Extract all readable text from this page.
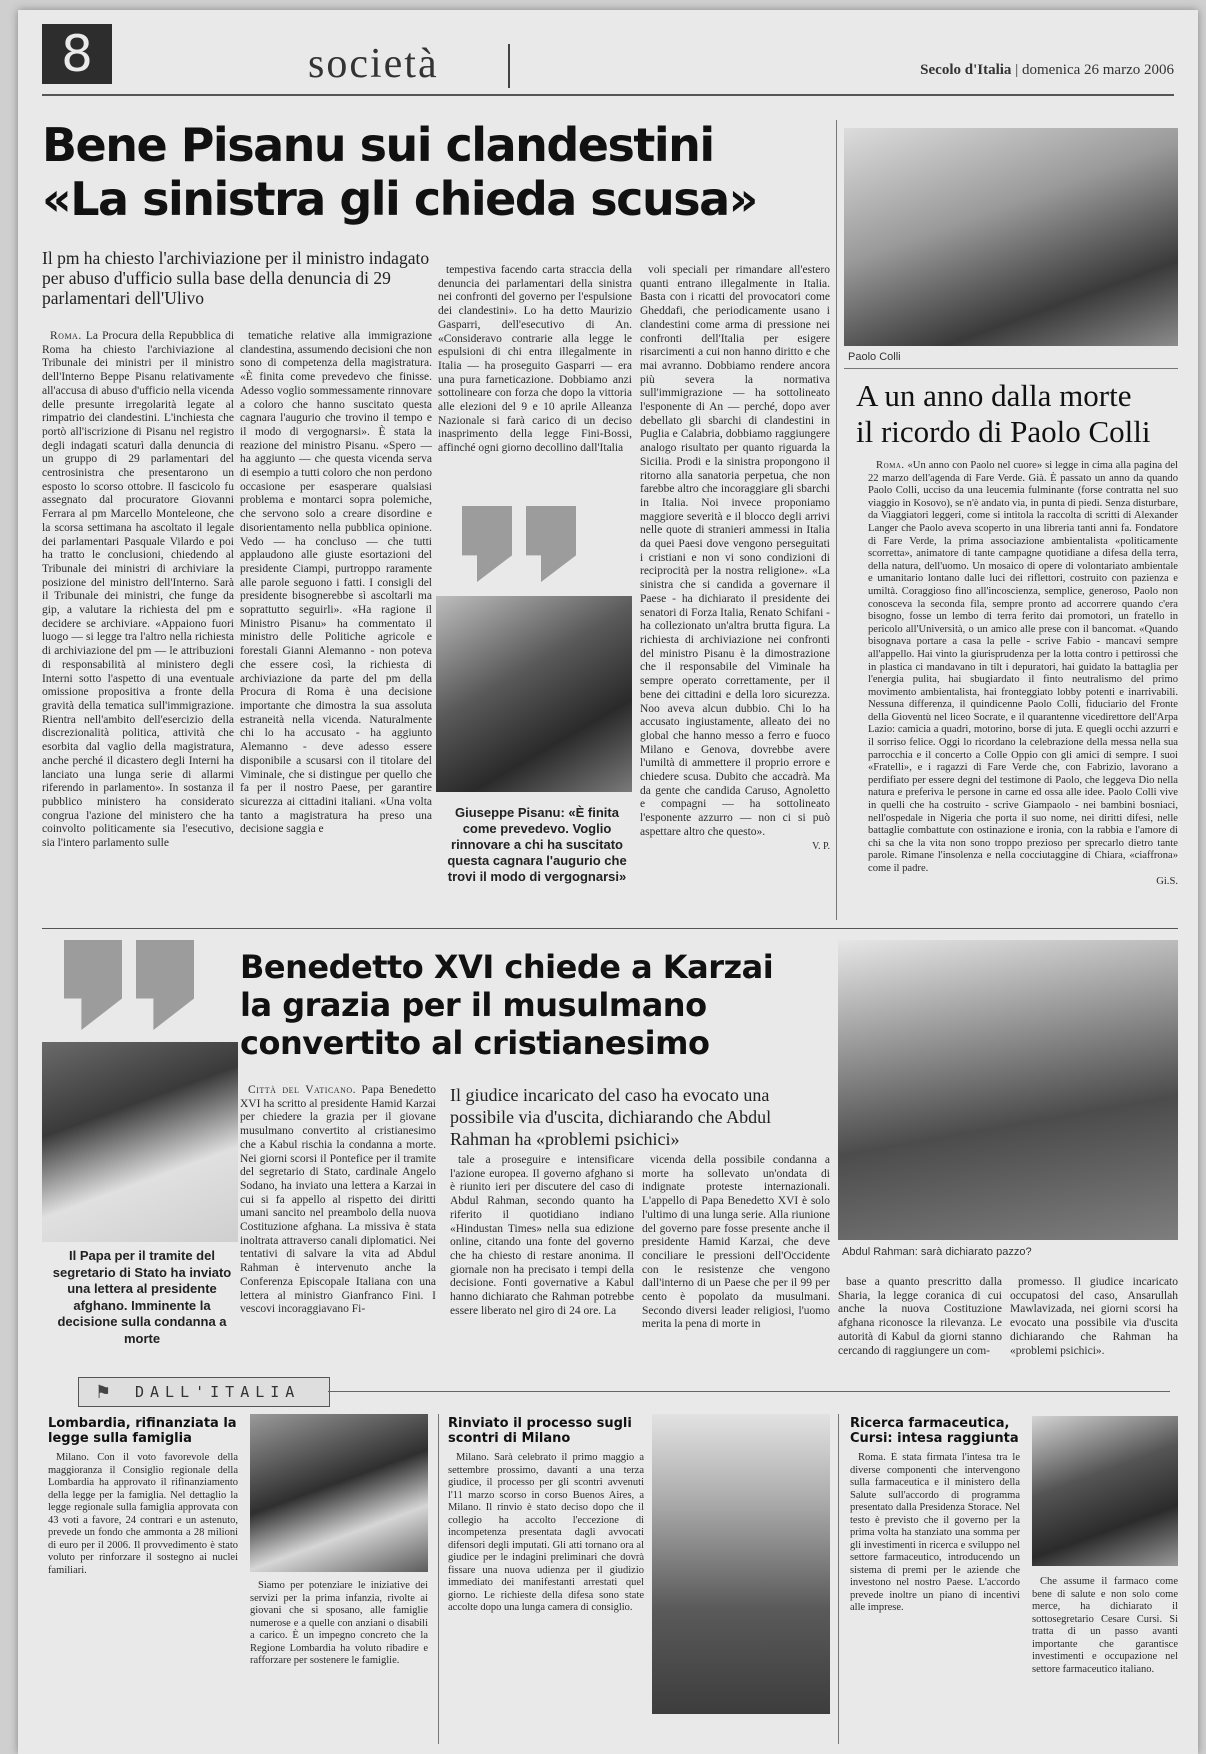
8	società	Secolo d'Italia | domenica 26 marzo 2006
Bene Pisanu sui clandestini
«La sinistra gli chieda scusa»
Il pm ha chiesto l'archiviazione per il ministro indagato per abuso d'ufficio sulla base della denuncia di 29 parlamentari dell'Ulivo

Roma. La Procura della Repubblica di Roma ha chiesto l'archiviazione al Tribunale dei ministri per il ministro dell'Interno Beppe Pisanu relativamente all'accusa di abuso d'ufficio nella vicenda delle presunte irregolarità legate al rimpatrio dei clandestini. L'inchiesta che portò all'iscrizione di Pisanu nel registro degli indagati scaturì dalla denuncia di un gruppo di 29 parlamentari del centrosinistra che presentarono un esposto lo scorso ottobre. Il fascicolo fu assegnato dal procuratore Giovanni Ferrara al pm Marcello Monteleone, che la scorsa settimana ha ascoltato il legale dei parlamentari Pasquale Vilardo e poi ha tratto le conclusioni, chiedendo al Tribunale dei ministri di archiviare la posizione del ministro dell'Interno. Sarà il Tribunale dei ministri, che funge da gip, a valutare la richiesta del pm e decidere se archiviare. «Appaiono fuori luogo — si legge tra l'altro nella richiesta di archiviazione del pm — le attribuzioni di responsabilità al ministero degli Interni sotto l'aspetto di una eventuale omissione propositiva a fronte della gravità della tematica sull'immigrazione. Rientra nell'ambito dell'esercizio della discrezionalità politica, attività che esorbita dal vaglio della magistratura, anche perché il dicastero degli Interni ha lanciato una lunga serie di allarmi riferendo in parlamento». In sostanza il pubblico ministero ha considerato congrua l'azione del ministero che ha coinvolto politicamente sia l'esecutivo, sia l'intero parlamento sulle

tematiche relative alla immigrazione clandestina, assumendo decisioni che non sono di competenza della magistratura. «È finita come prevedevo che finisse. Adesso voglio sommessamente rinnovare a coloro che hanno suscitato questa cagnara l'augurio che trovino il tempo e il modo di vergognarsi». È stata la reazione del ministro Pisanu. «Spero — ha aggiunto — che questa vicenda serva di esempio a tutti coloro che non perdono occasione per esasperare qualsiasi problema e montarci sopra polemiche, che servono solo a creare disordine e disorientamento nella pubblica opinione. Vedo — ha concluso — che tutti applaudono alle giuste esortazioni del presidente Ciampi, purtroppo raramente alle parole seguono i fatti. I consigli del presidente bisognerebbe sì ascoltarli ma soprattutto seguirli». «Ha ragione il Ministro Pisanu» ha commentato il ministro delle Politiche agricole e forestali Gianni Alemanno - non poteva che essere così, la richiesta di archiviazione da parte del pm della Procura di Roma è una decisione importante che dimostra la sua assoluta estraneità nella vicenda. Naturalmente chi lo ha accusato - ha aggiunto Alemanno - deve adesso essere disponibile a scusarsi con il titolare del Viminale, che si distingue per quello che fa per il nostro Paese, per garantire sicurezza ai cittadini italiani. «Una volta tanto a magistratura ha preso una decisione saggia e

tempestiva facendo carta straccia della denuncia dei parlamentari della sinistra nei confronti del governo per l'espulsione dei clandestini». Lo ha detto Maurizio Gasparri, dell'esecutivo di An. «Consideravo contrarie alla legge le espulsioni di chi entra illegalmente in Italia — ha proseguito Gasparri — era una pura farneticazione. Dobbiamo anzi sottolineare con forza che dopo la vittoria alle elezioni del 9 e 10 aprile Alleanza Nazionale si farà carico di un deciso inasprimento della legge Fini-Bossi, affinché ogni giorno decollino dall'Italia

Giuseppe Pisanu: «È finita come prevedevo. Voglio rinnovare a chi ha suscitato questa cagnara l'augurio che trovi il modo di vergognarsi»

voli speciali per rimandare all'estero quanti entrano illegalmente in Italia. Basta con i ricatti del provocatori come Gheddafi, che periodicamente usano i clandestini come arma di pressione nei confronti dell'Italia per esigere risarcimenti a cui non hanno diritto e che mai avranno. Dobbiamo rendere ancora più severa la normativa sull'immigrazione — ha sottolineato l'esponente di An — perché, dopo aver debellato gli sbarchi di clandestini in Puglia e Calabria, dobbiamo raggiungere analogo risultato per quanto riguarda la Sicilia. Prodi e la sinistra propongono il ritorno alla sanatoria perpetua, che non farebbe altro che incoraggiare gli sbarchi in Italia. Noi invece proponiamo maggiore severità e il blocco degli arrivi nelle quote di stranieri ammessi in Italia da quei Paesi dove vengono perseguitati i cristiani e non vi sono condizioni di reciprocità per la nostra religione». «La sinistra che si candida a governare il Paese - ha dichiarato il presidente dei senatori di Forza Italia, Renato Schifani - ha collezionato un'altra brutta figura. La richiesta di archiviazione nei confronti del ministro Pisanu è la dimostrazione che il responsabile del Viminale ha sempre operato correttamente, per il bene dei cittadini e della loro sicurezza. Noo aveva alcun dubbio. Chi lo ha accusato ingiustamente, alleato dei no global che hanno messo a ferro e fuoco Milano e Genova, dovrebbe avere l'umiltà di ammettere il proprio errore e chiedere scusa. Dubito che accadrà. Ma da gente che candida Caruso, Agnoletto e compagni — ha sottolineato l'esponente azzurro — non ci si può aspettare altro che questo».

V. P.
Paolo Colli
A un anno dalla morte
il ricordo di Paolo Colli

Roma. «Un anno con Paolo nel cuore» si legge in cima alla pagina del 22 marzo dell'agenda di Fare Verde. Già. È passato un anno da quando Paolo Colli, ucciso da una leucemia fulminante (forse contratta nel suo viaggio in Kosovo), se n'è andato via, in punta di piedi. Senza disturbare, da Viaggiatori leggeri, come si intitola la raccolta di scritti di Alexander Langer che Paolo aveva scoperto in una libreria tanti anni fa. Fondatore di Fare Verde, la prima associazione ambientalista «politicamente scorretta», animatore di tante campagne quotidiane a difesa della terra, della natura, dell'uomo. Un mosaico di opere di volontariato ambientale e umanitario lontano dalle luci dei riflettori, costruito con pazienza e umiltà. Coraggioso fino all'incoscienza, semplice, generoso, Paolo non conosceva la seconda fila, sempre pronto ad accorrere quando c'era bisogno, fosse un lembo di terra ferito dai promotori, un fratello in pericolo all'Università, o un amico alle prese con il bancomat. «Quando bisognava portare a casa la pelle - scrive Fabio - mancavi sempre all'appello. Hai vinto la giurisprudenza per la lotta contro i pettirossi che in plastica ci mandavano in tilt i depuratori, hai guidato la battaglia per l'energia pulita, hai sbugiardato il finto neutralismo del primo movimento ambientalista, hai fronteggiato lobby potenti e inarrivabili. Nessuna differenza, il quindicenne Paolo Colli, fiduciario del Fronte della Gioventù nel liceo Socrate, e il quarantenne vicedirettore dell'Arpa Lazio: camicia a quadri, motorino, borse di juta. E quegli occhi azzurri e il sorriso felice. Oggi lo ricordano la celebrazione della messa nella sua parrocchia e il concerto a Colle Oppio con gli amici di sempre. I suoi «Fratelli», e i ragazzi di Fare Verde che, con Fabrizio, lavorano a perdifiato per essere degni del testimone di Paolo, che leggeva Dio nella natura e preferiva le persone in carne ed ossa alle idee. Paolo Colli vive in quelli che ha costruito - scrive Giampaolo - nei bambini bosniaci, nell'ospedale in Nigeria che porta il suo nome, nei diritti difesi, nelle battaglie combattute con ostinazione e ironia, con la rabbia e l'amore di chi sa che la vita non sono troppo prezioso per sprecarlo dietro tante parole. Rimane l'insolenza e nella cocciutaggine di Chiara, «ciaffrona» come il padre.

Gi.S.
Il Papa per il tramite del segretario di Stato ha inviato una lettera al presidente afghano. Imminente la decisione sulla condanna a morte
Benedetto XVI chiede a Karzai
la grazia per il musulmano
convertito al cristianesimo

Città del Vaticano. Papa Benedetto XVI ha scritto al presidente Hamid Karzai per chiedere la grazia per il giovane musulmano convertito al cristianesimo che a Kabul rischia la condanna a morte. Nei giorni scorsi il Pontefice per il tramite del segretario di Stato, cardinale Angelo Sodano, ha inviato una lettera a Karzai in cui si fa appello al rispetto dei diritti umani sancito nel preambolo della nuova Costituzione afghana. La missiva è stata inoltrata attraverso canali diplomatici. Nei tentativi di salvare la vita ad Abdul Rahman è intervenuto anche la Conferenza Episcopale Italiana con una lettera al ministro Gianfranco Fini. I vescovi incoraggiavano Fi-

Il giudice incaricato del caso ha evocato una possibile via d'uscita, dichiarando che Abdul Rahman ha «problemi psichici»

tale a proseguire e intensificare l'azione europea. Il governo afghano si è riunito ieri per discutere del caso di Abdul Rahman, secondo quanto ha riferito il quotidiano indiano «Hindustan Times» nella sua edizione online, citando una fonte del governo che ha chiesto di restare anonima. Il giornale non ha precisato i tempi della decisione. Fonti governative a Kabul hanno dichiarato che Rahman potrebbe essere liberato nel giro di 24 ore. La

vicenda della possibile condanna a morte ha sollevato un'ondata di indignate proteste internazionali. L'appello di Papa Benedetto XVI è solo l'ultimo di una lunga serie. Alla riunione del governo pare fosse presente anche il presidente Hamid Karzai, che deve conciliare le pressioni dell'Occidente con le resistenze che vengono dall'interno di un Paese che per il 99 per cento è popolato da musulmani. Secondo diversi leader religiosi, l'uomo merita la pena di morte in

Abdul Rahman: sarà dichiarato pazzo?

base a quanto prescritto dalla Sharia, la legge coranica di cui anche la nuova Costituzione afghana riconosce la rilevanza. Le autorità di Kabul da giorni stanno cercando di raggiungere un com-

promesso. Il giudice incaricato occupatosi del caso, Ansarullah Mawlavizada, nei giorni scorsi ha evocato una possibile via d'uscita dichiarando che Rahman ha «problemi psichici».

⚑ DALL'ITALIA
Lombardia, rifinanziata la legge sulla famiglia

Milano. Con il voto favorevole della maggioranza il Consiglio regionale della Lombardia ha approvato il rifinanziamento della legge per la famiglia. Nel dettaglio la legge regionale sulla famiglia approvata con 43 voti a favore, 24 contrari e un astenuto, prevede un fondo che ammonta a 28 milioni di euro per il 2006. Il provvedimento è stato voluto per rinforzare il sostegno ai nuclei familiari.

Siamo per potenziare le iniziative dei servizi per la prima infanzia, rivolte ai giovani che si sposano, alle famiglie numerose e a quelle con anziani o disabili a carico. È un impegno concreto che la Regione Lombardia ha voluto ribadire e rafforzare per sostenere le famiglie.

Rinviato il processo sugli scontri di Milano

Milano. Sarà celebrato il primo maggio a settembre prossimo, davanti a una terza giudice, il processo per gli scontri avvenuti l'11 marzo scorso in corso Buenos Aires, a Milano. Il rinvio è stato deciso dopo che il collegio ha accolto l'eccezione di incompetenza presentata dagli avvocati difensori degli imputati. Gli atti tornano ora al giudice per le indagini preliminari che dovrà fissare una nuova udienza per il giudizio immediato dei manifestanti arrestati quel giorno. Le richieste della difesa sono state accolte dopo una lunga camera di consiglio.

Ricerca farmaceutica, Cursi: intesa raggiunta

Roma. È stata firmata l'intesa tra le diverse componenti che intervengono sulla farmaceutica e il ministero della Salute sull'accordo di programma presentato dalla Presidenza Storace. Nel testo è previsto che il governo per la prima volta ha stanziato una somma per gli investimenti in ricerca e sviluppo nel settore farmaceutico, introducendo un sistema di premi per le aziende che investono nel nostro Paese. L'accordo prevede inoltre un piano di incentivi alle imprese.

Che assume il farmaco come bene di salute e non solo come merce, ha dichiarato il sottosegretario Cesare Cursi. Si tratta di un passo avanti importante che garantisce investimenti e occupazione nel settore farmaceutico italiano.
